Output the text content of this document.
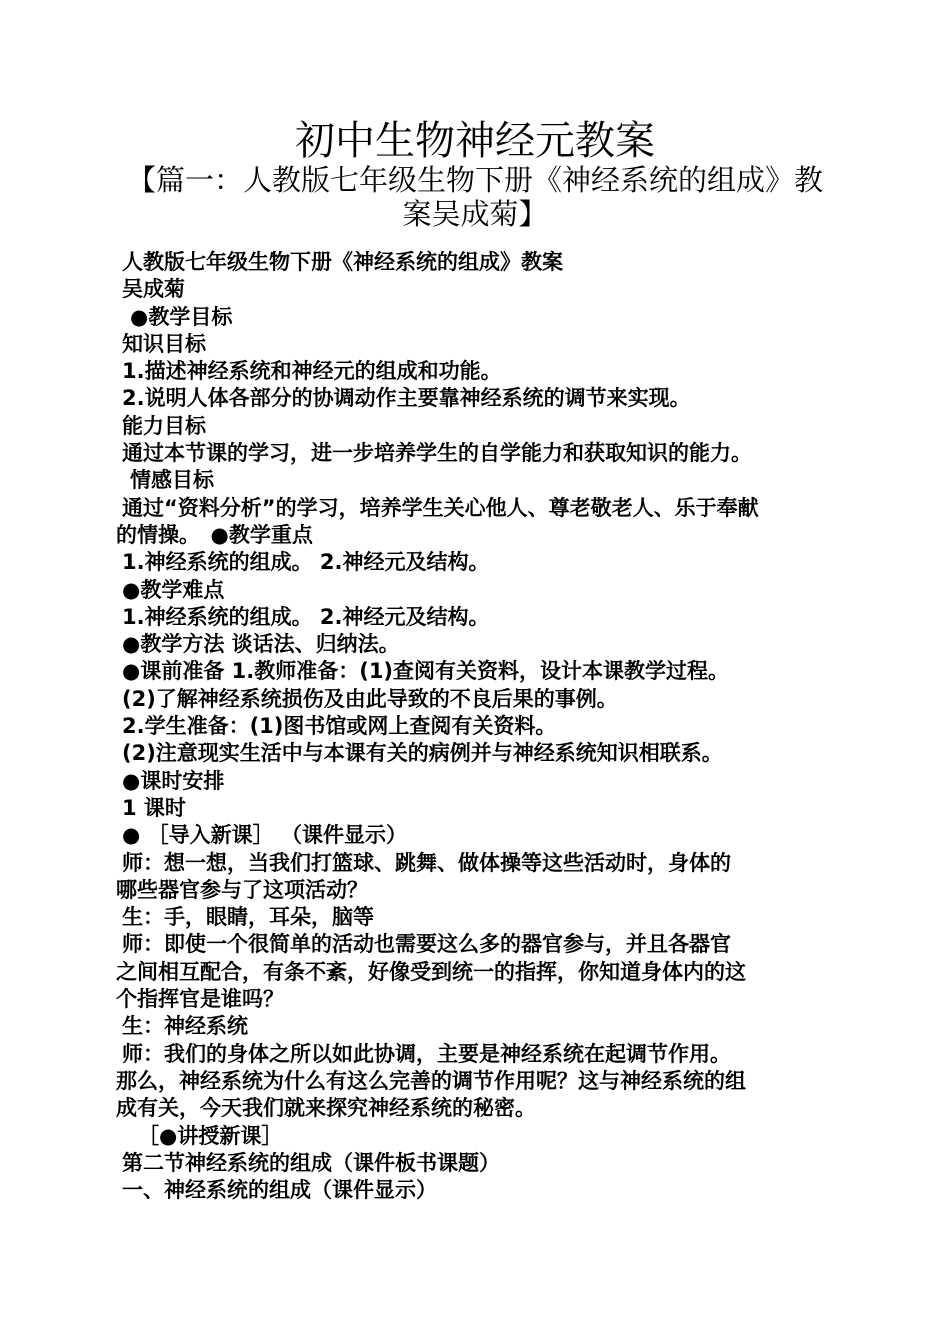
初中生物神经元教案
【篇一：人教版七年级生物下册《神经系统的组成》教
案吴成菊】
人教版七年级生物下册《神经系统的组成》教案
吴成菊
●教学目标
知识目标
1.描述神经系统和神经元的组成和功能。
2.说明人体各部分的协调动作主要靠神经系统的调节来实现。
能力目标
通过本节课的学习，进一步培养学生的自学能力和获取知识的能力。
情感目标
通过“资料分析”的学习，培养学生关心他人、尊老敬老人、乐于奉献
的情操。　●教学重点
1.神经系统的组成。 2.神经元及结构。
●教学难点
1.神经系统的组成。 2.神经元及结构。
●教学方法 谈话法、归纳法。
●课前准备 1.教师准备：(1)查阅有关资料，设计本课教学过程。
(2)了解神经系统损伤及由此导致的不良后果的事例。
2.学生准备：(1)图书馆或网上查阅有关资料。
(2)注意现实生活中与本课有关的病例并与神经系统知识相联系。
●课时安排
1 课时
● ［导入新课］ （课件显示）
师：想一想，当我们打篮球、跳舞、做体操等这些活动时，身体的
哪些器官参与了这项活动？
生：手，眼睛，耳朵，脑等
师：即使一个很简单的活动也需要这么多的器官参与，并且各器官
之间相互配合，有条不紊，好像受到统一的指挥，你知道身体内的这
个指挥官是谁吗？
生：神经系统
师：我们的身体之所以如此协调，主要是神经系统在起调节作用。
那么，神经系统为什么有这么完善的调节作用呢？这与神经系统的组
成有关，今天我们就来探究神经系统的秘密。
［●讲授新课］
第二节神经系统的组成（课件板书课题）
一、神经系统的组成（课件显示）
